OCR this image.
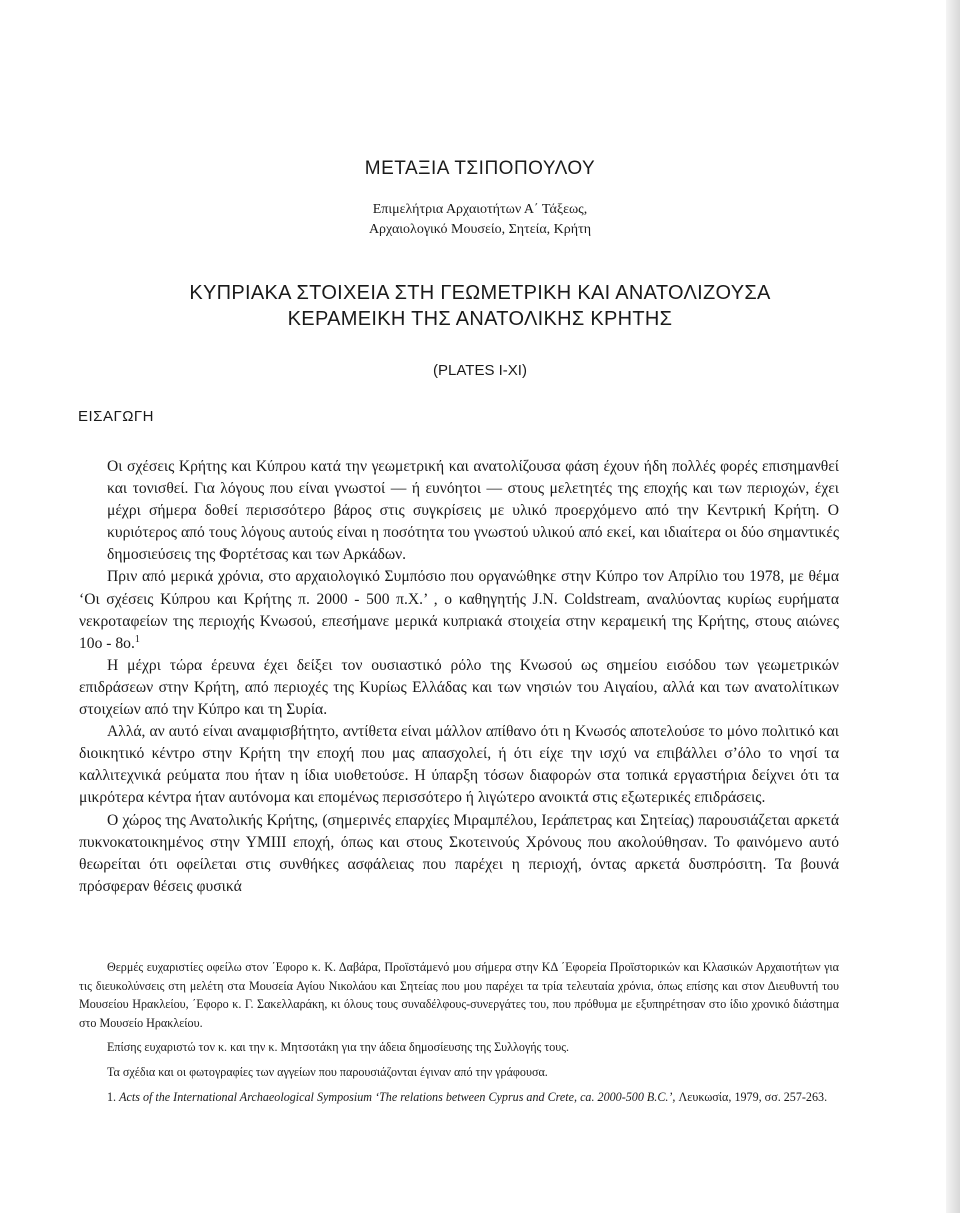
ΜΕΤΑΞΙΑ ΤΣΙΠΟΠΟΥΛΟΥ
Επιμελήτρια Αρχαιοτήτων Α΄ Τάξεως,
Αρχαιολογικό Μουσείο, Σητεία, Κρήτη
ΚΥΠΡΙΑΚΑ ΣΤΟΙΧΕΙΑ ΣΤΗ ΓΕΩΜΕΤΡΙΚΗ ΚΑΙ ΑΝΑΤΟΛΙΖΟΥΣΑ
ΚΕΡΑΜΕΙΚΗ ΤΗΣ ΑΝΑΤΟΛΙΚΗΣ ΚΡΗΤΗΣ
(PLATES I-XI)
ΕΙΣΑΓΩΓΗ

Οι σχέσεις Κρήτης και Κύπρου κατά την γεωμετρική και ανατολίζουσα φάση έχουν ήδη πολλές φορές επισημανθεί και τονισθεί. Για λόγους που είναι γνωστοί — ή ευνόητοι — στους μελετητές της εποχής και των περιοχών, έχει μέχρι σήμερα δοθεί περισσότερο βάρος στις συγκρίσεις με υλικό προερχόμενο από την Κεντρική Κρήτη. Ο κυριότερος από τους λόγους αυτούς είναι η ποσότητα του γνωστού υλικού από εκεί, και ιδιαίτερα οι δύο σημαντικές δημοσιεύσεις της Φορτέτσας και των Αρκάδων.

Πριν από μερικά χρόνια, στο αρχαιολογικό Συμπόσιο που οργανώθηκε στην Κύπρο τον Απρίλιο του 1978, με θέμα ‘Οι σχέσεις Κύπρου και Κρήτης π. 2000 - 500 π.Χ.’ , ο καθηγητής J.N. Coldstream, αναλύοντας κυρίως ευρήματα νεκροταφείων της περιοχής Κνωσού, επεσήμανε μερικά κυπριακά στοιχεία στην κεραμεική της Κρήτης, στους αιώνες 10ο - 8ο.$^1$

Η μέχρι τώρα έρευνα έχει δείξει τον ουσιαστικό ρόλο της Κνωσού ως σημείου εισόδου των γεωμετρικών επιδράσεων στην Κρήτη, από περιοχές της Κυρίως Ελλάδας και των νησιών του Αιγαίου, αλλά και των ανατολίτικων στοιχείων από την Κύπρο και τη Συρία.

Αλλά, αν αυτό είναι αναμφισβήτητο, αντίθετα είναι μάλλον απίθανο ότι η Κνωσός αποτελούσε το μόνο πολιτικό και διοικητικό κέντρο στην Κρήτη την εποχή που μας απασχολεί, ή ότι είχε την ισχύ να επιβάλλει σ’όλο το νησί τα καλλιτεχνικά ρεύματα που ήταν η ίδια υιοθετούσε. Η ύπαρξη τόσων διαφορών στα τοπικά εργαστήρια δείχνει ότι τα μικρότερα κέντρα ήταν αυτόνομα και επομένως περισσότερο ή λιγώτερο ανοικτά στις εξωτερικές επιδράσεις.

Ο χώρος της Ανατολικής Κρήτης, (σημερινές επαρχίες Μιραμπέλου, Ιεράπετρας και Σητείας) παρουσιάζεται αρκετά πυκνοκατοικημένος στην ΥΜΙΙΙ εποχή, όπως και στους Σκοτεινούς Χρόνους που ακολούθησαν. Το φαινόμενο αυτό θεωρείται ότι οφείλεται στις συνθήκες ασφάλειας που παρέχει η περιοχή, όντας αρκετά δυσπρόσιτη. Τα βουνά πρόσφεραν θέσεις φυσικά

Θερμές ευχαριστίες οφείλω στον ΄Εφορο κ. Κ. Δαβάρα, Προϊστάμενό μου σήμερα στην ΚΔ ΄Εφορεία Προϊστορικών και Κλασικών Αρχαιοτήτων για τις διευκολύνσεις στη μελέτη στα Μουσεία Αγίου Νικολάου και Σητείας που μου παρέχει τα τρία τελευταία χρόνια, όπως επίσης και στον Διευθυντή του Μουσείου Ηρακλείου, ΄Εφορο κ. Γ. Σακελλαράκη, κι όλους τους συναδέλφους-συνεργάτες του, που πρόθυμα με εξυπηρέτησαν στο ίδιο χρονικό διάστημα στο Μουσείο Ηρακλείου.

Επίσης ευχαριστώ τον κ. και την κ. Μητσοτάκη για την άδεια δημοσίευσης της Συλλογής τους.

Τα σχέδια και οι φωτογραφίες των αγγείων που παρουσιάζονται έγιναν από την γράφουσα.

1. Acts of the International Archaeological Symposium ‘The relations between Cyprus and Crete, ca. 2000-500 B.C.’, Λευκωσία, 1979, σσ. 257-263.
